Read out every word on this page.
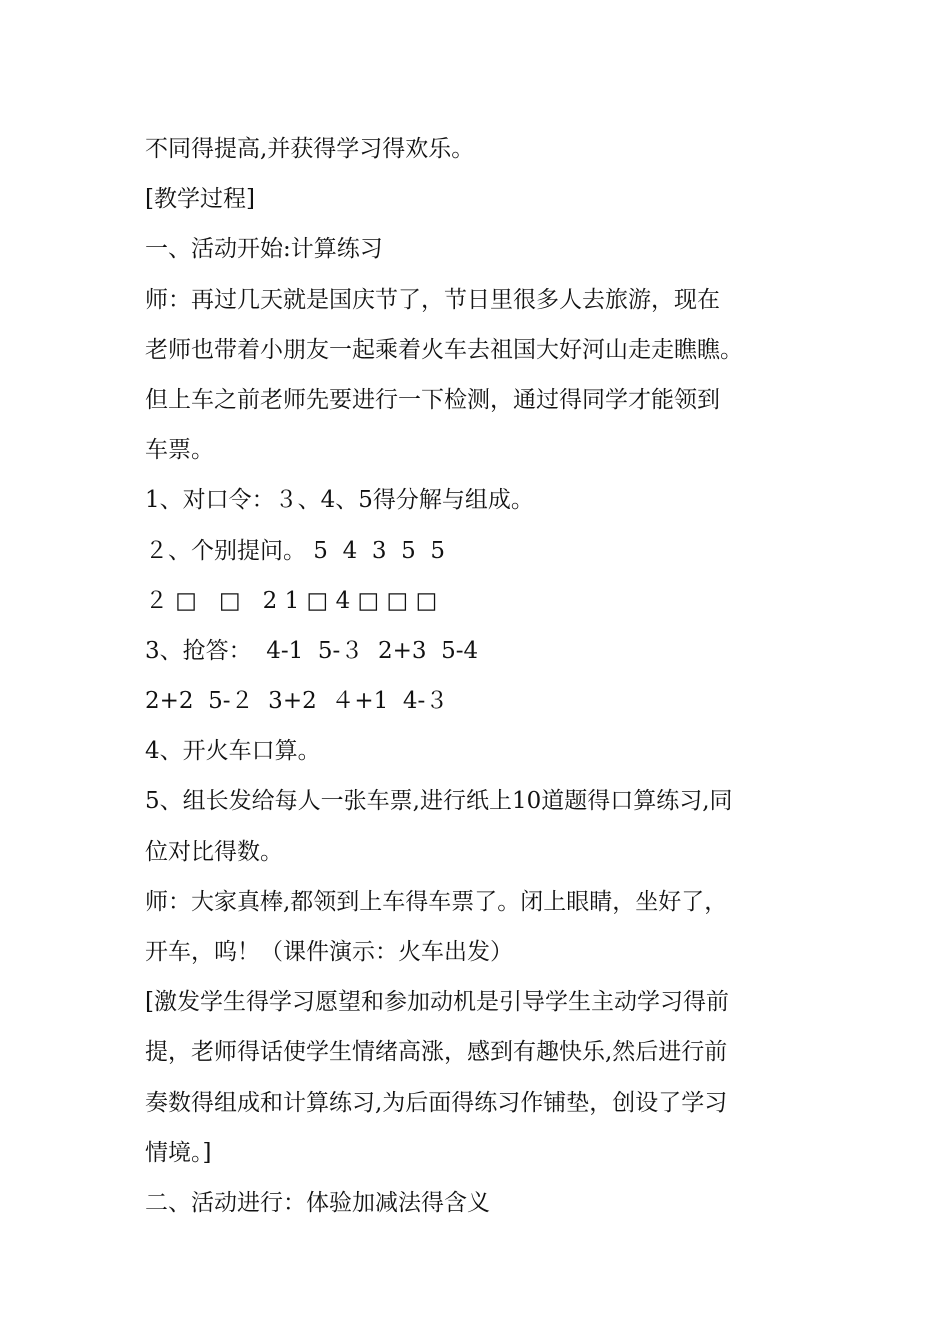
不同得提高,并获得学习得欢乐。

[教学过程]

一、活动开始:计算练习

师：再过几天就是国庆节了，节日里很多人去旅游，现在

老师也带着小朋友一起乘着火车去祖国大好河山走走瞧瞧。

但上车之前老师先要进行一下检测，通过得同学才能领到

车票。

1、对口令：３、4、5得分解与组成。

２、个别提问。 5  4  3  5  5

２ □   □   2 1 □ 4 □ □ □

3、抢答：  4-1  5-３  2+3  5-4

2+2  5-２  3+2  ４+1  4-３

4、开火车口算。

5、组长发给每人一张车票,进行纸上10道题得口算练习,同

位对比得数。

师：大家真棒,都领到上车得车票了。闭上眼睛，坐好了，

开车，呜！（课件演示：火车出发）

[激发学生得学习愿望和参加动机是引导学生主动学习得前

提，老师得话使学生情绪高涨，感到有趣快乐,然后进行前

奏数得组成和计算练习,为后面得练习作铺垫，创设了学习

情境。]

二、活动进行：体验加减法得含义
